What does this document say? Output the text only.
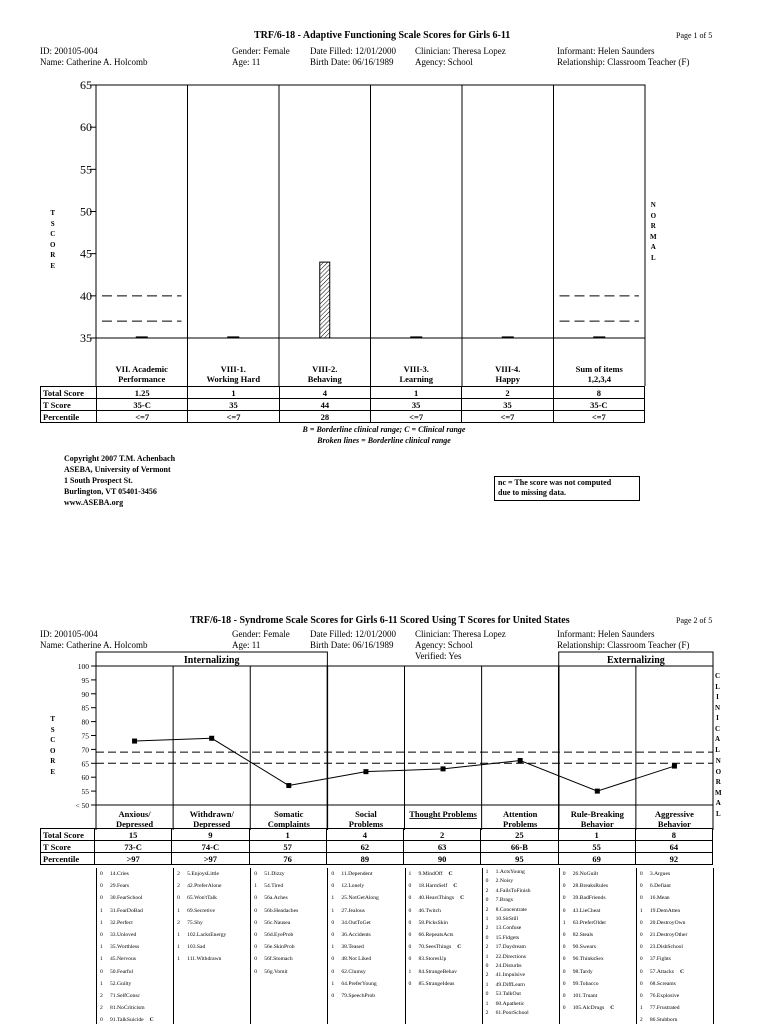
TRF/6-18 - Adaptive Functioning Scale Scores for Girls 6-11	Page 1 of 5
ID: 200105-004
Name: Catherine A. Holcomb
Gender: Female
Age: 11
Date Filled: 12/01/2000
Birth Date: 06/16/1989
Clinician: Theresa Lopez
Agency: School
Informant: Helen Saunders
Relationship: Classroom Teacher (F)
T
S
C
O
R
E
N
O
R
M
A
L
35
40
45
50
55
60
65
VII. Academic
Performance
VIII-1.
Working Hard
VIII-2.
Behaving
VIII-3.
Learning
VIII-4.
Happy
Sum of items
1,2,3,4
Total Score	1.25	1	4	1	2	8
T Score	35-C	35	44	35	35	35-C
Percentile	<=7	<=7	28	<=7	<=7	<=7
B = Borderline clinical range; C = Clinical range
Broken lines = Borderline clinical range
Copyright 2007 T.M. Achenbach
ASEBA, University of Vermont
1 South Prospect St.
Burlington, VT 05401-3456
www.ASEBA.org
nc = The score was not computed
due to missing data.
TRF/6-18 - Syndrome Scale Scores for Girls 6-11 Scored Using T Scores for United States	Page 2 of 5
ID: 200105-004
Name: Catherine A. Holcomb
Gender: Female
Age: 11
Date Filled: 12/01/2000
Birth Date: 06/16/1989
Clinician: Theresa Lopez
Agency: School
Verified: Yes
Informant: Helen Saunders
Relationship: Classroom Teacher (F)
T
S
C
O
R
E
C
L
I
N
I
C
A
L
N
O
R
M
A
L
Internalizing	Externalizing
< 50
55
60
65
70
75
80
85
90
95
100
Anxious/
Depressed
Withdrawn/
Depressed
Somatic
Complaints
Social
Problems
Thought Problems	Attention
Problems
Rule-Breaking
Behavior
Aggressive
Behavior
Total Score	15	9	1	4	2	25	1	8
T Score	73-C	74-C	57	62	63	66-B	55	64
Percentile	>97	>97	76	89	90	95	69	92
0 14.Cries
0 29.Fears
0 30.FearSchool
1 31.FearDoBad
1 32.Perfect
0 33.Unloved
1 35.Worthless
1 45.Nervous
0 50.Fearful
1 52.Guilty
2 71.SelfConsc
2 81.NoCriticism
0 91.TalkSuicide C
2 5.EnjoysLittle
2 42.PreferAlone
0 65.Won'tTalk
1 69.Secretive
2 75.Shy
1 102.LacksEnergy
1 103.Sad
1 111.Withdrawn
0 51.Dizzy
1 54.Tired
0 56a.Aches
0 56b.Headaches
0 56c.Nausea
0 56d.EyeProb
0 56e.SkinProb
0 56f.Stomach
0 56g.Vomit
0 11.Dependent
0 12.Lonely
1 25.NotGetAlong
1 27.Jealous
0 34.OutToGet
0 36.Accidents
1 38.Teased
0 48.Not Liked
0 62.Clumsy
1 64.PreferYoung
0 79.SpeechProb
1 9.MindOff C
0 18.HarmSelf C
0 40.HearsThings C
0 46.Twitch
0 58.PicksSkin
0 66.RepeatsActs
0 70.SeesThings C
0 83.StoresUp
1 84.StrangeBehav
0 85.StrangeIdeas
1 1.ActsYoung
0 2.Noisy
2 4.FailsToFinish
0 7.Brags
2 8.Concentrate
1 10.SitStill
2 13.Confuse
0 15.Fidgets
2 17.Daydream
1 22.Directions
0 24.Disturbs
2 41.Impulsive
1 49.DiffLearn
0 53.TalkOut
1 60.Apathetic
2 61.PoorSchool
0 26.NoGuilt
0 28.BreaksRules
0 39.BadFriends
0 43.LieCheat
1 63.PreferOlder
0 82.Steals
0 90.Swears
0 96.ThinksSex
0 98.Tardy
0 99.Tobacco
0 101.Truant
0 105.AlcDrugs C
0 3.Argues
0 6.Defiant
0 16.Mean
1 19.DemAtten
0 20.DestroyOwn
0 21.DestroyOther
0 23.DisbSchool
0 37.Fights
0 57.Attacks C
0 68.Screams
0 76.Explosive
1 77.Frustrated
2 86.Stubborn
